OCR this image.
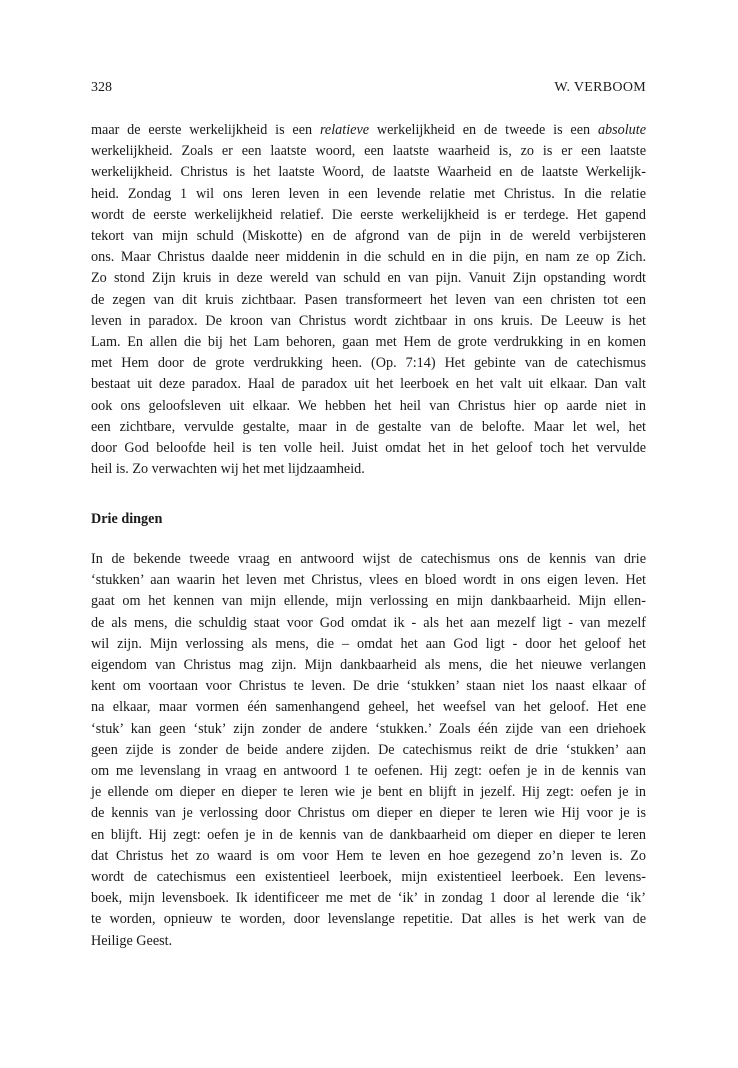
328	W. VERBOOM
maar de eerste werkelijkheid is een relatieve werkelijkheid en de tweede is een absolute
werkelijkheid. Zoals er een laatste woord, een laatste waarheid is, zo is er een laatste
werkelijkheid. Christus is het laatste Woord, de laatste Waarheid en de laatste Werkelijk-
heid. Zondag 1 wil ons leren leven in een levende relatie met Christus. In die relatie
wordt de eerste werkelijkheid relatief. Die eerste werkelijkheid is er terdege. Het gapend
tekort van mijn schuld (Miskotte) en de afgrond van de pijn in de wereld verbijsteren
ons. Maar Christus daalde neer middenin in die schuld en in die pijn, en nam ze op Zich.
Zo stond Zijn kruis in deze wereld van schuld en van pijn. Vanuit Zijn opstanding wordt
de zegen van dit kruis zichtbaar. Pasen transformeert het leven van een christen tot een
leven in paradox. De kroon van Christus wordt zichtbaar in ons kruis. De Leeuw is het
Lam. En allen die bij het Lam behoren, gaan met Hem de grote verdrukking in en komen
met Hem door de grote verdrukking heen. (Op. 7:14) Het gebinte van de catechismus
bestaat uit deze paradox. Haal de paradox uit het leerboek en het valt uit elkaar. Dan valt
ook ons geloofsleven uit elkaar. We hebben het heil van Christus hier op aarde niet in
een zichtbare, vervulde gestalte, maar in de gestalte van de belofte. Maar let wel, het
door God beloofde heil is ten volle heil. Juist omdat het in het geloof toch het vervulde
heil is. Zo verwachten wij het met lijdzaamheid.
Drie dingen
In de bekende tweede vraag en antwoord wijst de catechismus ons de kennis van drie
‘stukken’ aan waarin het leven met Christus, vlees en bloed wordt in ons eigen leven. Het
gaat om het kennen van mijn ellende, mijn verlossing en mijn dankbaarheid. Mijn ellen-
de als mens, die schuldig staat voor God omdat ik - als het aan mezelf ligt - van mezelf
wil zijn. Mijn verlossing als mens, die – omdat het aan God ligt - door het geloof het
eigendom van Christus mag zijn. Mijn dankbaarheid als mens, die het nieuwe verlangen
kent om voortaan voor Christus te leven. De drie ‘stukken’ staan niet los naast elkaar of
na elkaar, maar vormen één samenhangend geheel, het weefsel van het geloof. Het ene
‘stuk’ kan geen ‘stuk’ zijn zonder de andere ‘stukken.’ Zoals één zijde van een driehoek
geen zijde is zonder de beide andere zijden. De catechismus reikt de drie ‘stukken’ aan
om me levenslang in vraag en antwoord 1 te oefenen. Hij zegt: oefen je in de kennis van
je ellende om dieper en dieper te leren wie je bent en blijft in jezelf. Hij zegt: oefen je in
de kennis van je verlossing door Christus om dieper en dieper te leren wie Hij voor je is
en blijft. Hij zegt: oefen je in de kennis van de dankbaarheid om dieper en dieper te leren
dat Christus het zo waard is om voor Hem te leven en hoe gezegend zo’n leven is. Zo
wordt de catechismus een existentieel leerboek, mijn existentieel leerboek. Een levens-
boek, mijn levensboek. Ik identificeer me met de ‘ik’ in zondag 1 door al lerende die ‘ik’
te worden, opnieuw te worden, door levenslange repetitie. Dat alles is het werk van de
Heilige Geest.
